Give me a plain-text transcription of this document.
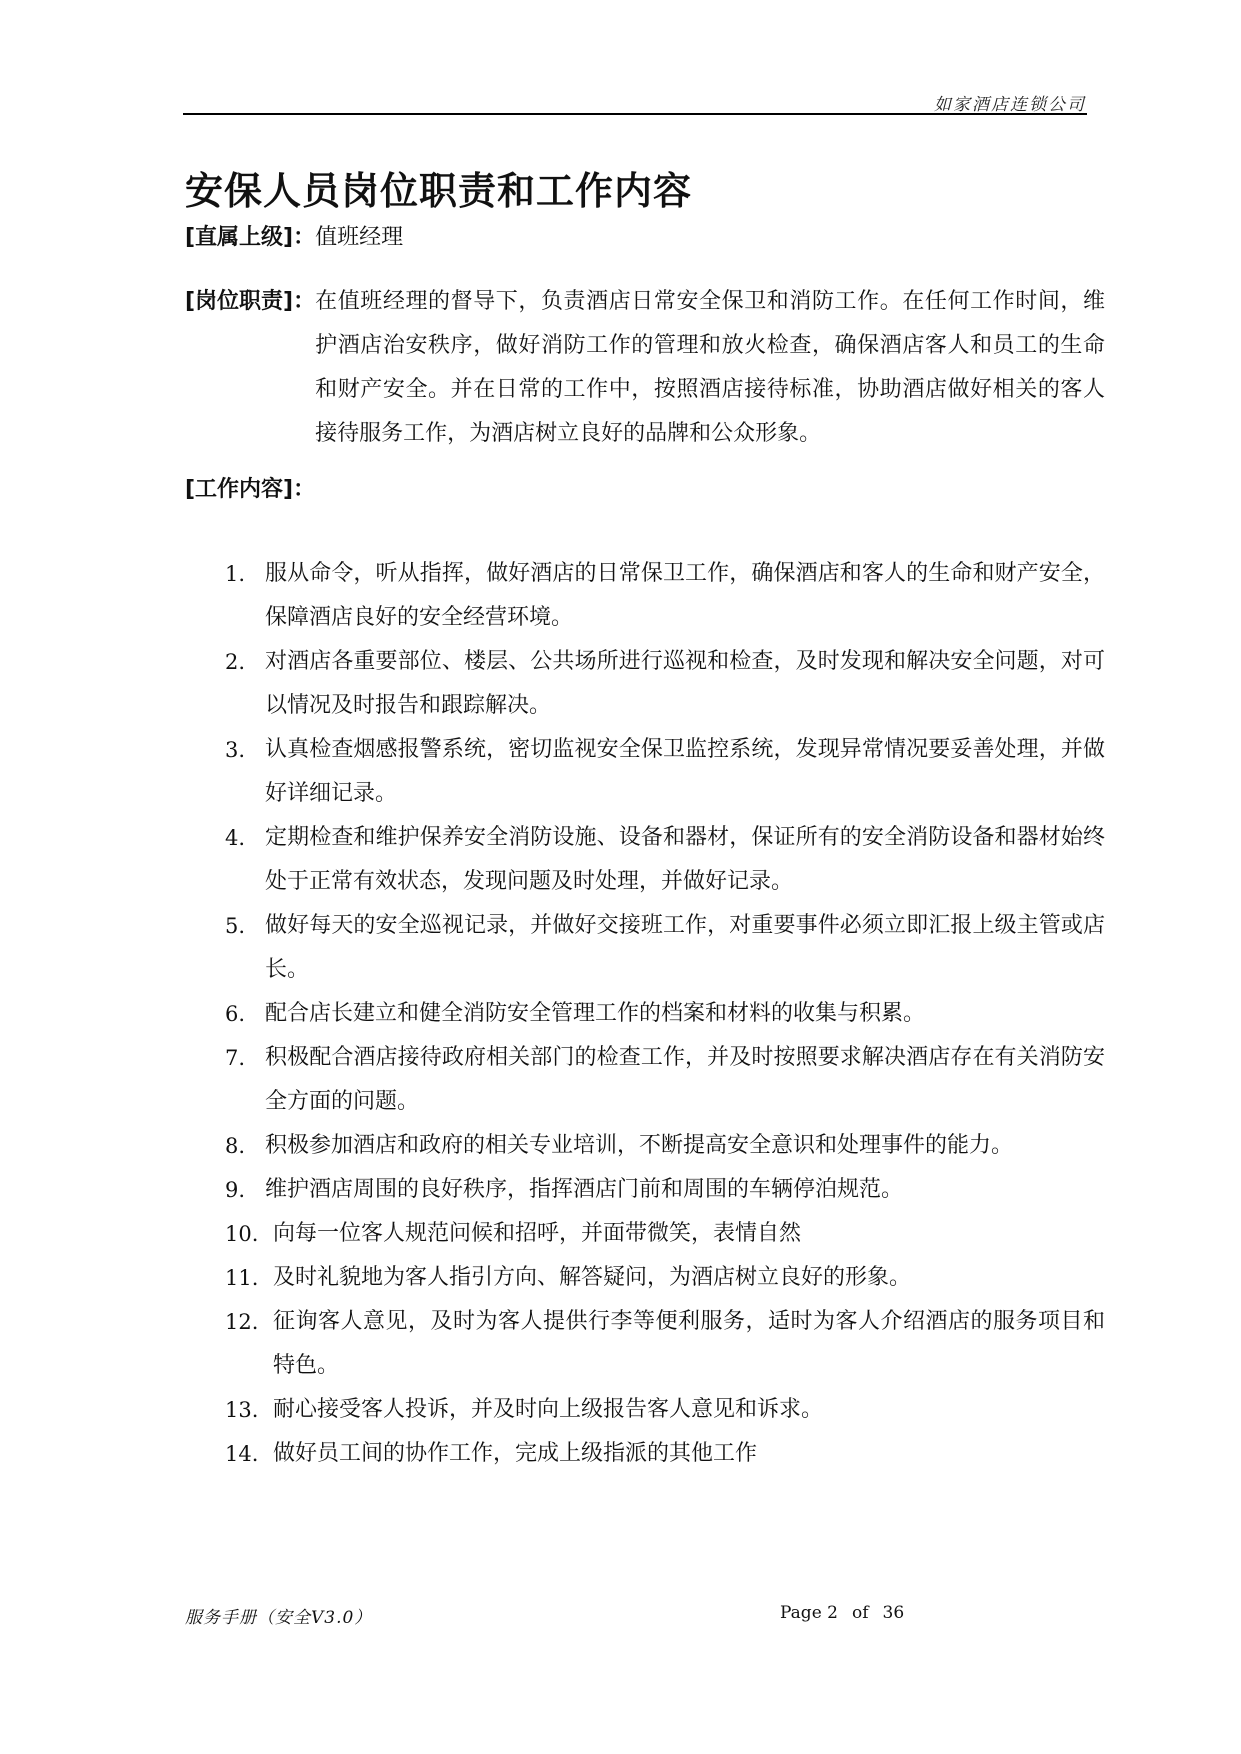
如家酒店连锁公司
安保人员岗位职责和工作内容
[直属上级]：值班经理
[岗位职责]： 在值班经理的督导下，负责酒店日常安全保卫和消防工作。在任何工作时间，维护酒店治安秩序，做好消防工作的管理和放火检查，确保酒店客人和员工的生命和财产安全。并在日常的工作中，按照酒店接待标准，协助酒店做好相关的客人接待服务工作，为酒店树立良好的品牌和公众形象。
[工作内容]：
1. 服从命令，听从指挥，做好酒店的日常保卫工作，确保酒店和客人的生命和财产安全，保障酒店良好的安全经营环境。
2. 对酒店各重要部位、楼层、公共场所进行巡视和检查，及时发现和解决安全问题，对可以情况及时报告和跟踪解决。
3. 认真检查烟感报警系统，密切监视安全保卫监控系统，发现异常情况要妥善处理，并做好详细记录。
4. 定期检查和维护保养安全消防设施、设备和器材，保证所有的安全消防设备和器材始终处于正常有效状态，发现问题及时处理，并做好记录。
5. 做好每天的安全巡视记录，并做好交接班工作，对重要事件必须立即汇报上级主管或店长。
6. 配合店长建立和健全消防安全管理工作的档案和材料的收集与积累。
7. 积极配合酒店接待政府相关部门的检查工作，并及时按照要求解决酒店存在有关消防安全方面的问题。
8. 积极参加酒店和政府的相关专业培训，不断提高安全意识和处理事件的能力。
9. 维护酒店周围的良好秩序，指挥酒店门前和周围的车辆停泊规范。
10. 向每一位客人规范问候和招呼，并面带微笑，表情自然
11. 及时礼貌地为客人指引方向、解答疑问，为酒店树立良好的形象。
12. 征询客人意见，及时为客人提供行李等便利服务，适时为客人介绍酒店的服务项目和特色。
13. 耐心接受客人投诉，并及时向上级报告客人意见和诉求。
14. 做好员工间的协作工作，完成上级指派的其他工作
服务手册（安全V3.0）	Page 2 of 36
